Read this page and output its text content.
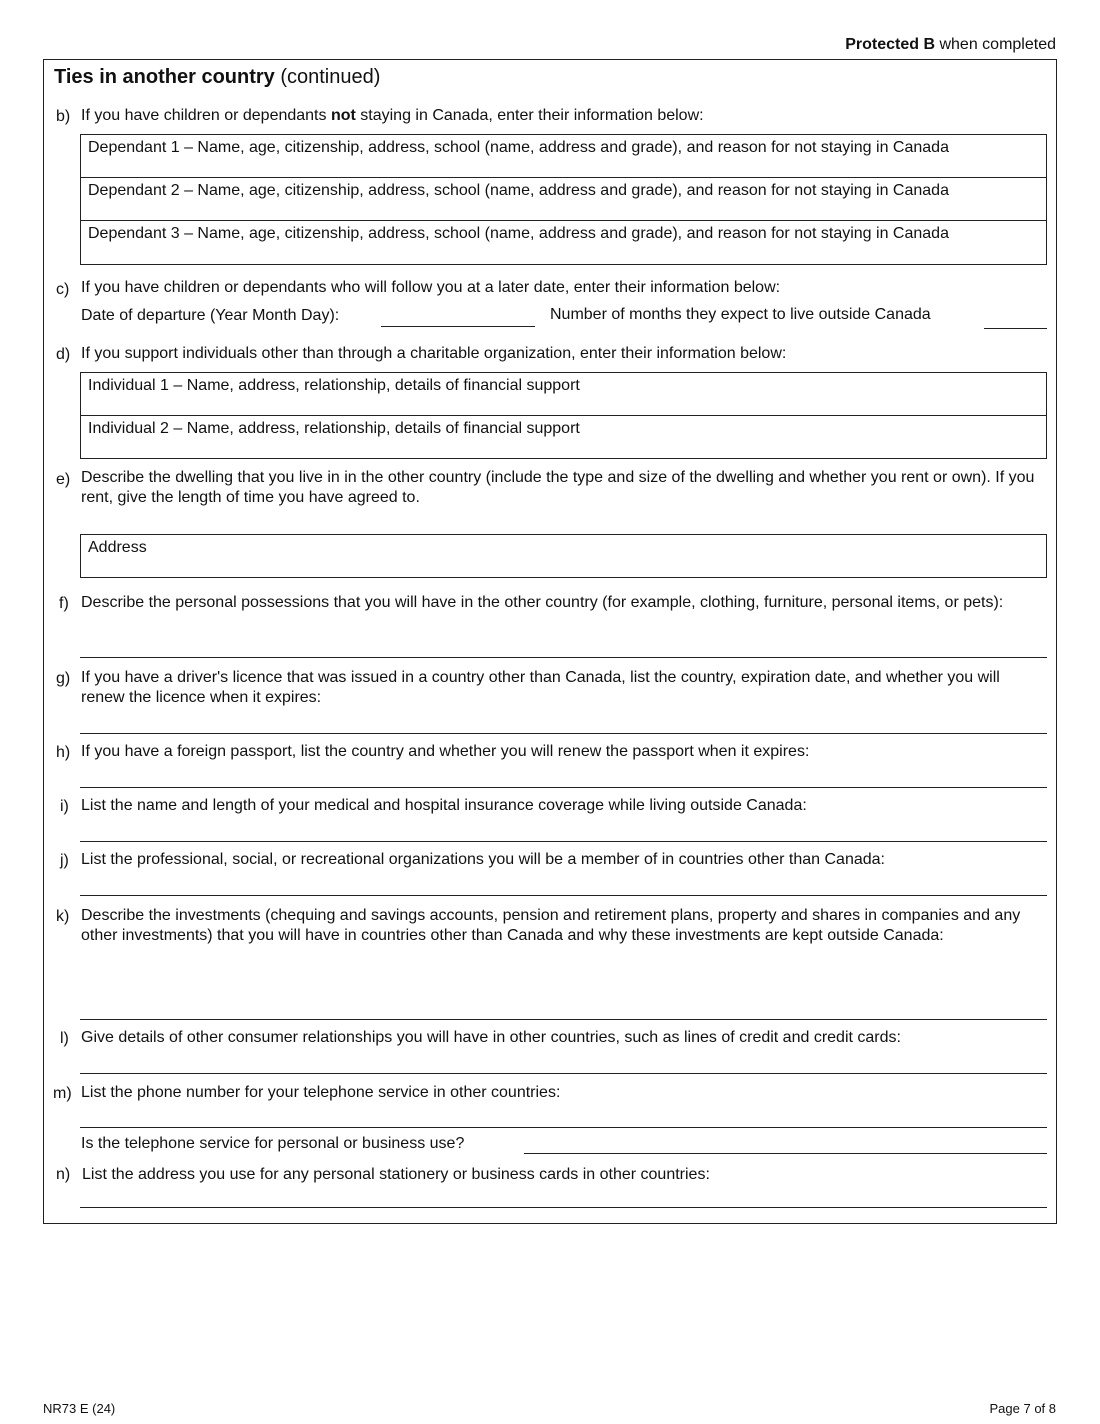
Protected B when completed
Ties in another country (continued)
b) If you have children or dependants not staying in Canada, enter their information below:
Dependant 1 – Name, age, citizenship, address, school (name, address and grade), and reason for not staying in Canada
Dependant 2 – Name, age, citizenship, address, school (name, address and grade), and reason for not staying in Canada
Dependant 3 – Name, age, citizenship, address, school (name, address and grade), and reason for not staying in Canada
c) If you have children or dependants who will follow you at a later date, enter their information below:
Date of departure (Year Month Day):	Number of months they expect to live outside Canada
d) If you support individuals other than through a charitable organization, enter their information below:
Individual 1 – Name, address, relationship, details of financial support
Individual 2 – Name, address, relationship, details of financial support
e) Describe the dwelling that you live in in the other country (include the type and size of the dwelling and whether you rent or own). If you rent, give the length of time you have agreed to.
Address
f) Describe the personal possessions that you will have in the other country (for example, clothing, furniture, personal items, or pets):
g) If you have a driver's licence that was issued in a country other than Canada, list the country, expiration date, and whether you will renew the licence when it expires:
h) If you have a foreign passport, list the country and whether you will renew the passport when it expires:
i) List the name and length of your medical and hospital insurance coverage while living outside Canada:
j) List the professional, social, or recreational organizations you will be a member of in countries other than Canada:
k) Describe the investments (chequing and savings accounts, pension and retirement plans, property and shares in companies and any other investments) that you will have in countries other than Canada and why these investments are kept outside Canada:
l) Give details of other consumer relationships you will have in other countries, such as lines of credit and credit cards:
m) List the phone number for your telephone service in other countries:
Is the telephone service for personal or business use?
n) List the address you use for any personal stationery or business cards in other countries:
NR73 E (24)	Page 7 of 8
